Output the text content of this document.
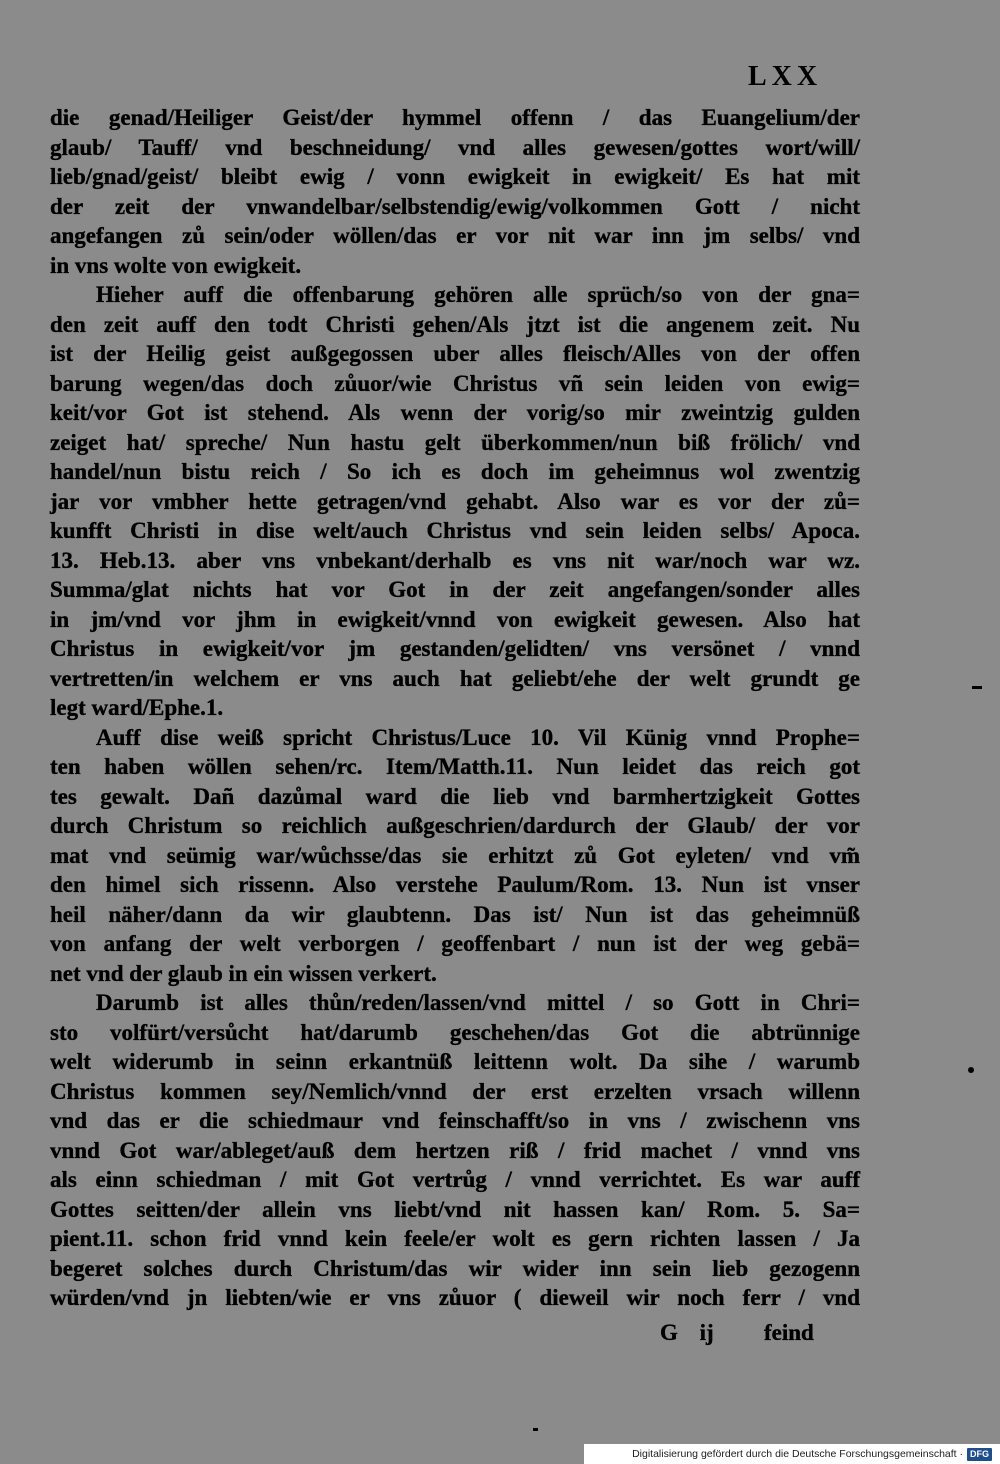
LXX
die genad/Heiliger Geist/der hymmel offenn / das Euangelium/der
glaub/ Tauff/ vnd beschneidung/ vnd alles gewesen/gottes wort/will/
lieb/gnad/geist/ bleibt ewig / vonn ewigkeit in ewigkeit/ Es hat mit
der zeit der vnwandelbar/selbstendig/ewig/volkommen Gott / nicht
angefangen zů sein/oder wöllen/das er vor nit war inn jm selbs/ vnd
in vns wolte von ewigkeit.
Hieher auff die offenbarung gehören alle sprüch/so von der gna=
den zeit auff den todt Christi gehen/Als jtzt ist die angenem zeit. Nu
ist der Heilig geist außgegossen uber alles fleisch/Alles von der offen
barung wegen/das doch zůuor/wie Christus vñ sein leiden von ewig=
keit/vor Got ist stehend. Als wenn der vorig/so mir zweintzig gulden
zeiget hat/ spreche/ Nun hastu gelt überkommen/nun biß frölich/ vnd
handel/nun bistu reich / So ich es doch im geheimnus wol zwentzig
jar vor vmbher hette getragen/vnd gehabt. Also war es vor der zů=
kunfft Christi in dise welt/auch Christus vnd sein leiden selbs/ Apoca.
13. Heb.13. aber vns vnbekant/derhalb es vns nit war/noch war wz.
Summa/glat nichts hat vor Got in der zeit angefangen/sonder alles
in jm/vnd vor jhm in ewigkeit/vnnd von ewigkeit gewesen. Also hat
Christus in ewigkeit/vor jm gestanden/gelidten/ vns versönet / vnnd
vertretten/in welchem er vns auch hat geliebt/ehe der welt grundt ge
legt ward/Ephe.1.
Auff dise weiß spricht Christus/Luce 10. Vil Künig vnnd Prophe=
ten haben wöllen sehen/rc. Item/Matth.11. Nun leidet das reich got
tes gewalt. Dañ dazůmal ward die lieb vnd barmhertzigkeit Gottes
durch Christum so reichlich außgeschrien/dardurch der Glaub/ der vor
mat vnd seümig war/wůchsse/das sie erhitzt zů Got eyleten/ vnd vm̃
den himel sich rissenn. Also verstehe Paulum/Rom. 13. Nun ist vnser
heil näher/dann da wir glaubtenn. Das ist/ Nun ist das geheimnüß
von anfang der welt verborgen / geoffenbart / nun ist der weg gebä=
net vnd der glaub in ein wissen verkert.
Darumb ist alles thůn/reden/lassen/vnd mittel / so Gott in Chri=
sto volfürt/versůcht hat/darumb geschehen/das Got die abtrünnige
welt widerumb in seinn erkantnüß leittenn wolt. Da sihe / warumb
Christus kommen sey/Nemlich/vnnd der erst erzelten vrsach willenn
vnd das er die schiedmaur vnd feinschafft/so in vns / zwischenn vns
vnnd Got war/ableget/auß dem hertzen riß / frid machet / vnnd vns
als einn schiedman / mit Got vertrůg / vnnd verrichtet. Es war auff
Gottes seitten/der allein vns liebt/vnd nit hassen kan/ Rom. 5. Sa=
pient.11. schon frid vnnd kein feele/er wolt es gern richten lassen / Ja
begeret solches durch Christum/das wir wider inn sein lieb gezogenn
würden/vnd jn liebten/wie er vns zůuor ( dieweil wir noch ferr / vnd
G ij feind
Digitalisierung gefördert durch die Deutsche Forschungsgemeinschaft · DFG
